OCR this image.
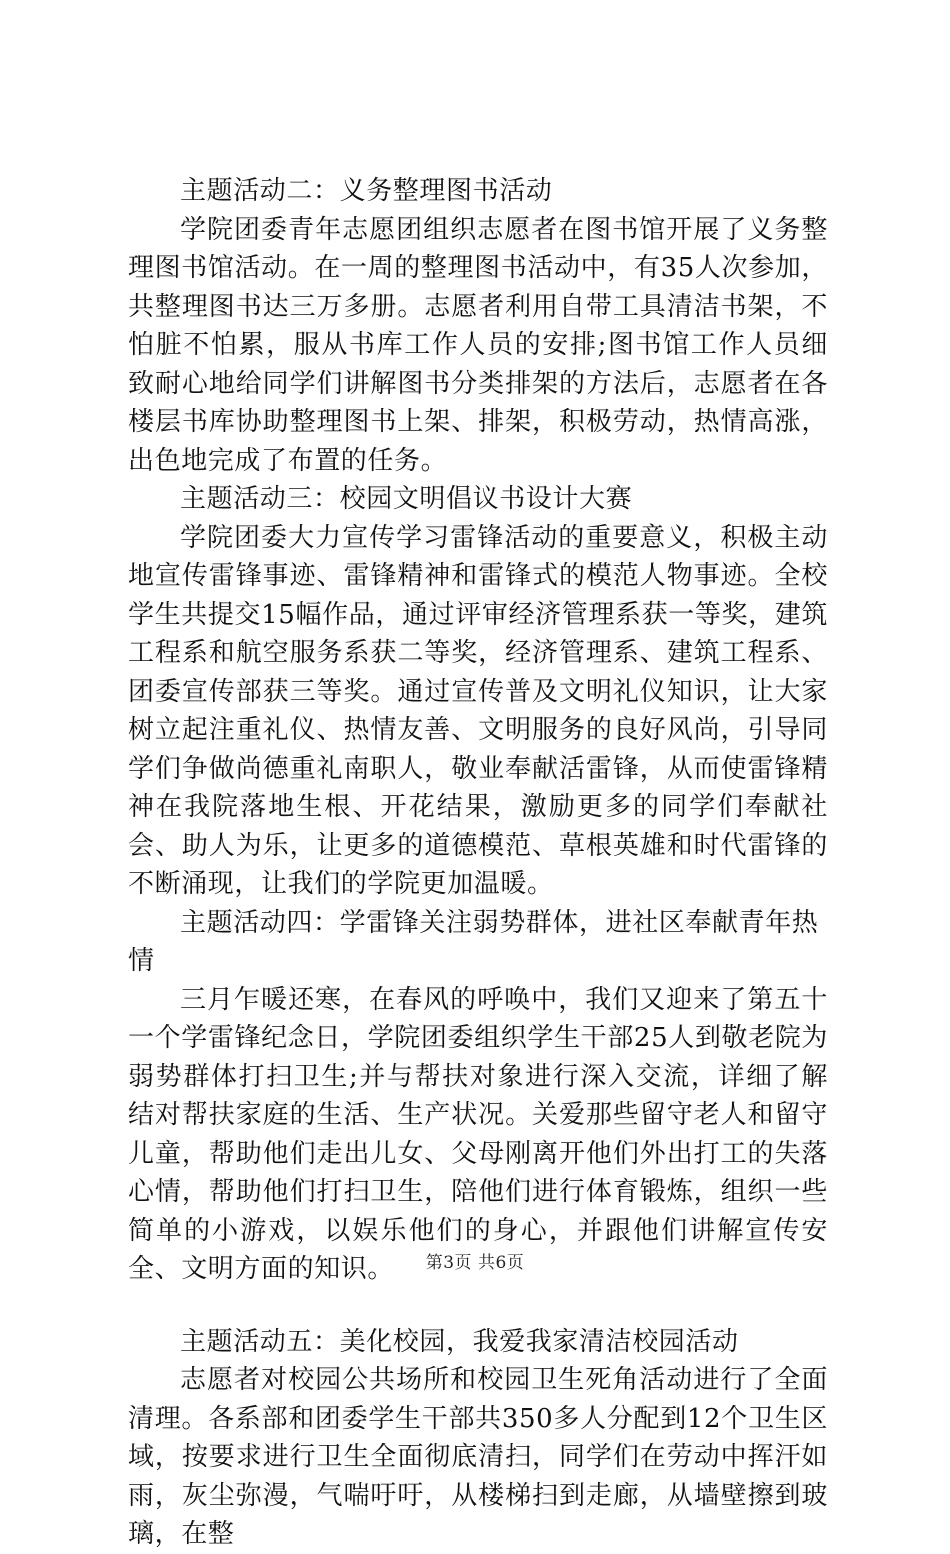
主题活动二：义务整理图书活动

学院团委青年志愿团组织志愿者在图书馆开展了义务整理图书馆活动。在一周的整理图书活动中，有35人次参加，共整理图书达三万多册。志愿者利用自带工具清洁书架，不怕脏不怕累，服从书库工作人员的安排;图书馆工作人员细致耐心地给同学们讲解图书分类排架的方法后，志愿者在各楼层书库协助整理图书上架、排架，积极劳动，热情高涨，出色地完成了布置的任务。

主题活动三：校园文明倡议书设计大赛

学院团委大力宣传学习雷锋活动的重要意义，积极主动地宣传雷锋事迹、雷锋精神和雷锋式的模范人物事迹。全校学生共提交15幅作品，通过评审经济管理系获一等奖，建筑工程系和航空服务系获二等奖，经济管理系、建筑工程系、团委宣传部获三等奖。通过宣传普及文明礼仪知识，让大家树立起注重礼仪、热情友善、文明服务的良好风尚，引导同学们争做尚德重礼南职人，敬业奉献活雷锋，从而使雷锋精神在我院落地生根、开花结果，激励更多的同学们奉献社会、助人为乐，让更多的道德模范、草根英雄和时代雷锋的不断涌现，让我们的学院更加温暖。

主题活动四：学雷锋关注弱势群体，进社区奉献青年热情

三月乍暖还寒，在春风的呼唤中，我们又迎来了第五十一个学雷锋纪念日，学院团委组织学生干部25人到敬老院为弱势群体打扫卫生;并与帮扶对象进行深入交流，详细了解结对帮扶家庭的生活、生产状况。关爱那些留守老人和留守儿童，帮助他们走出儿女、父母刚离开他们外出打工的失落心情，帮助他们打扫卫生，陪他们进行体育锻炼，组织一些简单的小游戏，以娱乐他们的身心，并跟他们讲解宣传安全、文明方面的知识。

主题活动五：美化校园，我爱我家清洁校园活动

志愿者对校园公共场所和校园卫生死角活动进行了全面清理。各系部和团委学生干部共350多人分配到12个卫生区域，按要求进行卫生全面彻底清扫，同学们在劳动中挥汗如雨，灰尘弥漫，气喘吁吁，从楼梯扫到走廊，从墙壁擦到玻璃，在整

第3页 共6页
